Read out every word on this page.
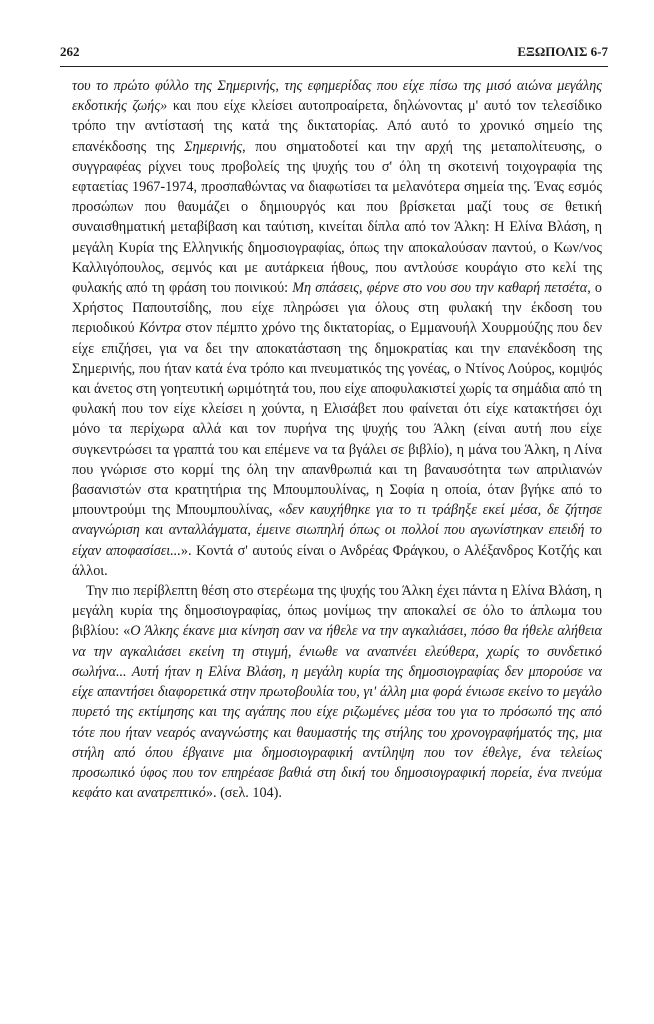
262	ΕΞΩΠΟΛΙΣ 6-7

του το πρώτο φύλλο της Σημερινής, της εφημερίδας που είχε πίσω της μισό αιώνα μεγάλης εκδοτικής ζωής» και που είχε κλείσει αυτοπροαίρετα, δηλώνοντας μ' αυτό τον τελεσίδικο τρόπο την αντίστασή της κατά της δικτατορίας. Από αυτό το χρονικό σημείο της επανέκδοσης της Σημερινής, που σηματοδοτεί και την αρχή της μεταπολίτευσης, ο συγγραφέας ρίχνει τους προβολείς της ψυχής του σ' όλη τη σκοτεινή τοιχογραφία της εφταετίας 1967-1974, προσπαθώντας να διαφωτίσει τα μελανότερα σημεία της. Ένας εσμός προσώπων που θαυμάζει ο δημιουργός και που βρίσκεται μαζί τους σε θετική συναισθηματική μεταβίβαση και ταύτιση, κινείται δίπλα από τον Άλκη: Η Ελίνα Βλάση, η μεγάλη Κυρία της Ελληνικής δημοσιογραφίας, όπως την αποκαλούσαν παντού, ο Κων/νος Καλλιγόπουλος, σεμνός και με αυτάρκεια ήθους, που αντλούσε κουράγιο στο κελί της φυλακής από τη φράση του ποινικού: Μη σπάσεις, φέρνε στο νου σου την καθαρή πετσέτα, ο Χρήστος Παπουτσίδης, που είχε πληρώσει για όλους στη φυλακή την έκδοση του περιοδικού Κόντρα στον πέμπτο χρόνο της δικτατορίας, ο Εμμανουήλ Χουρμούζης που δεν είχε επιζήσει, για να δει την αποκατάσταση της δημοκρατίας και την επανέκδοση της Σημερινής, που ήταν κατά ένα τρόπο και πνευματικός της γονέας, ο Ντίνος Λούρος, κομψός και άνετος στη γοητευτική ωριμότητά του, που είχε αποφυλακιστεί χωρίς τα σημάδια από τη φυλακή που τον είχε κλείσει η χούντα, η Ελισάβετ που φαίνεται ότι είχε κατακτήσει όχι μόνο τα περίχωρα αλλά και τον πυρήνα της ψυχής του Άλκη (είναι αυτή που είχε συγκεντρώσει τα γραπτά του και επέμενε να τα βγάλει σε βιβλίο), η μάνα του Άλκη, η Λίνα που γνώρισε στο κορμί της όλη την απανθρωπιά και τη βαναυσότητα των απριλιανών βασανιστών στα κρατητήρια της Μπουμπουλίνας, η Σοφία η οποία, όταν βγήκε από το μπουντρούμι της Μπουμπουλίνας, «δεν καυχήθηκε για το τι τράβηξε εκεί μέσα, δε ζήτησε αναγνώριση και ανταλλάγματα, έμεινε σιωπηλή όπως οι πολλοί που αγωνίστηκαν επειδή το είχαν αποφασίσει...». Κοντά σ' αυτούς είναι ο Ανδρέας Φράγκου, ο Αλέξανδρος Κοτζής και άλλοι.

Την πιο περίβλεπτη θέση στο στερέωμα της ψυχής του Άλκη έχει πάντα η Ελίνα Βλάση, η μεγάλη κυρία της δημοσιογραφίας, όπως μονίμως την αποκαλεί σε όλο το άπλωμα του βιβλίου: «Ο Άλκης έκανε μια κίνηση σαν να ήθελε να την αγκαλιάσει, πόσο θα ήθελε αλήθεια να την αγκαλιάσει εκείνη τη στιγμή, ένιωθε να αναπνέει ελεύθερα, χωρίς το συνδετικό σωλήνα... Αυτή ήταν η Ελίνα Βλάση, η μεγάλη κυρία της δημοσιογραφίας δεν μπορούσε να είχε απαντήσει διαφορετικά στην πρωτοβουλία του, γι' άλλη μια φορά ένιωσε εκείνο το μεγάλο πυρετό της εκτίμησης και της αγάπης που είχε ριζωμένες μέσα του για το πρόσωπό της από τότε που ήταν νεαρός αναγνώστης και θαυμαστής της στήλης του χρονογραφήματός της, μια στήλη από όπου έβγαινε μια δημοσιογραφική αντίληψη που τον έθελγε, ένα τελείως προσωπικό ύφος που τον επηρέασε βαθιά στη δική του δημοσιογραφική πορεία, ένα πνεύμα κεφάτο και ανατρεπτικό». (σελ. 104).
